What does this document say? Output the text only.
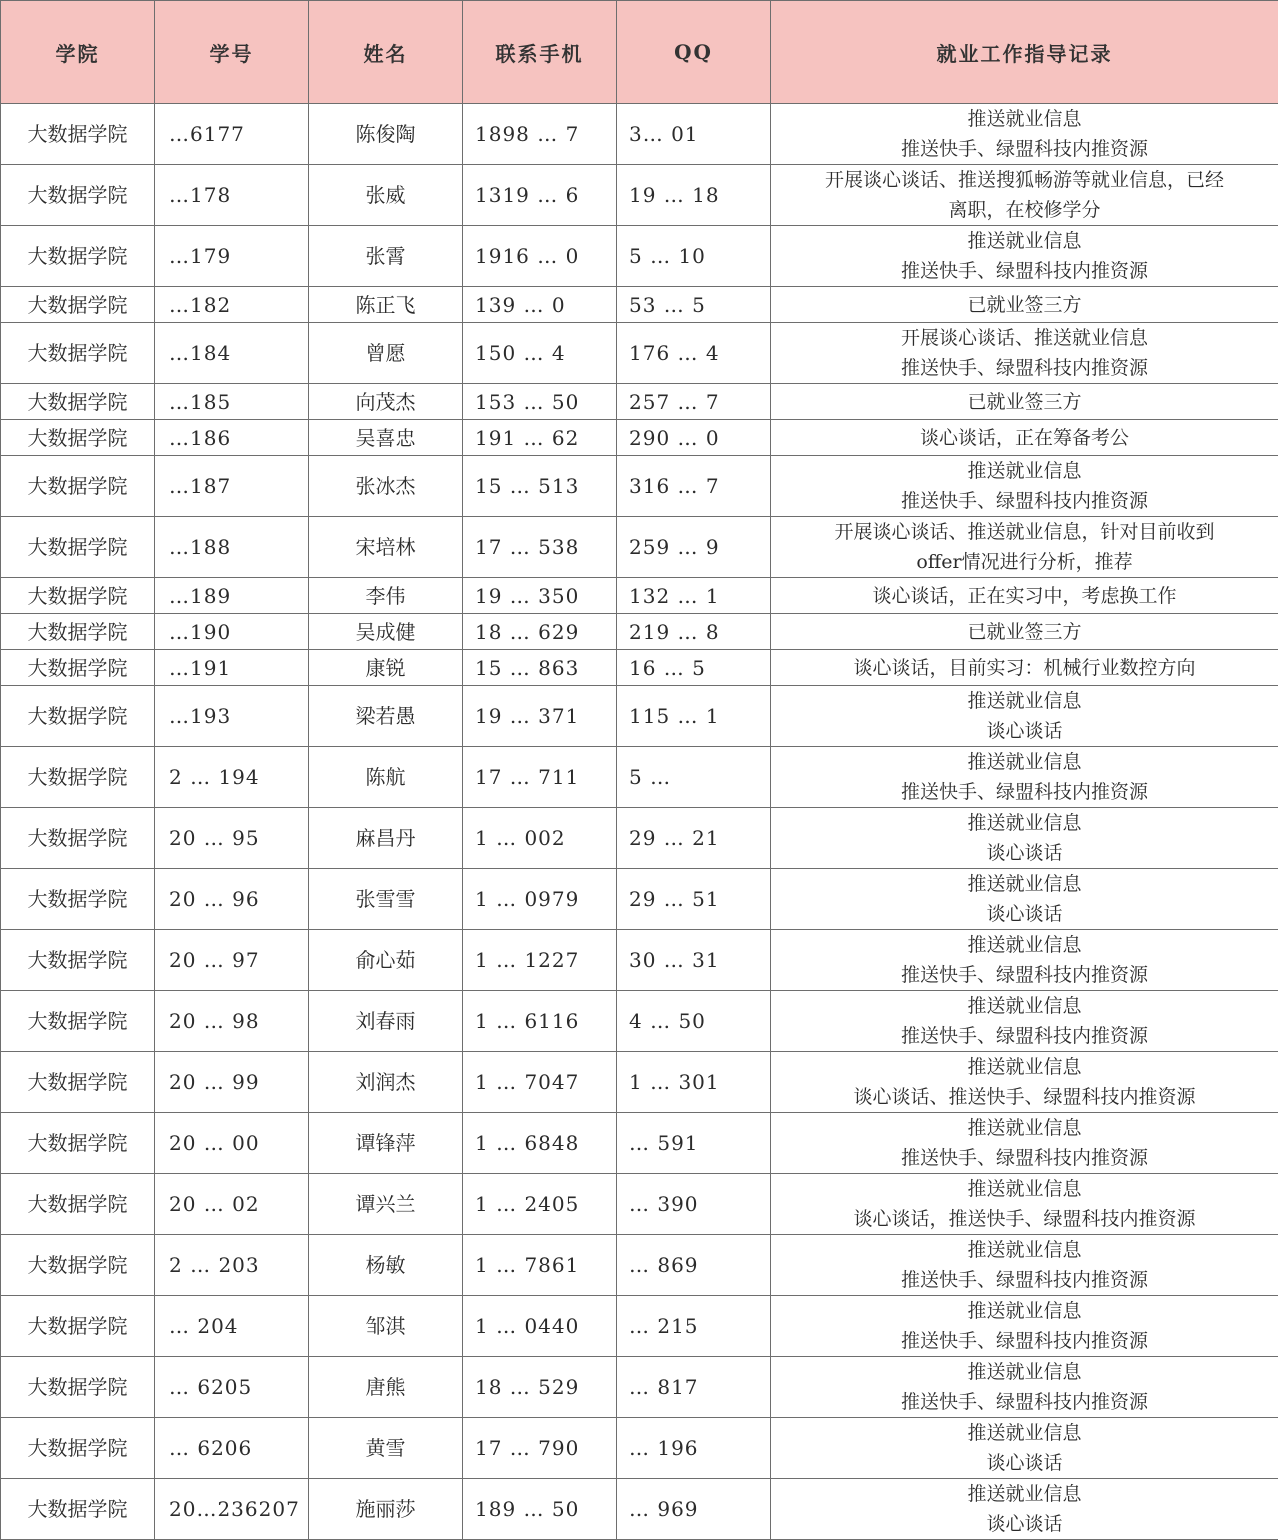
学院	学号	姓名	联系手机	QQ	就业工作指导记录
大数据学院	…6177	陈俊陶	1898 … 7	3… 01	推送就业信息
推送快手、绿盟科技内推资源

大数据学院	…178	张威	1319 … 6	19 … 18	开展谈心谈话、推送搜狐畅游等就业信息，已经
离职，在校修学分

大数据学院	…179	张霄	1916 … 0	5 … 10	推送就业信息
推送快手、绿盟科技内推资源

大数据学院	…182	陈正飞	139 … 0	53 … 5	已就业签三方

大数据学院	…184	曾愿	150 … 4	176 … 4	开展谈心谈话、推送就业信息
推送快手、绿盟科技内推资源

大数据学院	…185	向茂杰	153 … 50	257 … 7	已就业签三方

大数据学院	…186	吴喜忠	191 … 62	290 … 0	谈心谈话，正在筹备考公

大数据学院	…187	张冰杰	15 … 513	316 … 7	推送就业信息
推送快手、绿盟科技内推资源

大数据学院	…188	宋培林	17 … 538	259 … 9	开展谈心谈话、推送就业信息，针对目前收到
offer情况进行分析，推荐

大数据学院	…189	李伟	19 … 350	132 … 1	谈心谈话，正在实习中，考虑换工作

大数据学院	…190	吴成健	18 … 629	219 … 8	已就业签三方

大数据学院	…191	康锐	15 … 863	16 … 5	谈心谈话，目前实习：机械行业数控方向

大数据学院	…193	梁若愚	19 … 371	115 … 1	推送就业信息
谈心谈话

大数据学院	2 … 194	陈航	17 … 711	5 …	推送就业信息
推送快手、绿盟科技内推资源

大数据学院	20 … 95	麻昌丹	1 … 002	29 … 21	推送就业信息
谈心谈话

大数据学院	20 … 96	张雪雪	1 … 0979	29 … 51	推送就业信息
谈心谈话

大数据学院	20 … 97	俞心茹	1 … 1227	30 … 31	推送就业信息
推送快手、绿盟科技内推资源

大数据学院	20 … 98	刘春雨	1 … 6116	4 … 50	推送就业信息
推送快手、绿盟科技内推资源

大数据学院	20 … 99	刘润杰	1 … 7047	1 … 301	推送就业信息
谈心谈话、推送快手、绿盟科技内推资源

大数据学院	20 … 00	谭锋萍	1 … 6848	… 591	推送就业信息
推送快手、绿盟科技内推资源

大数据学院	20 … 02	谭兴兰	1 … 2405	… 390	推送就业信息
谈心谈话，推送快手、绿盟科技内推资源

大数据学院	2 … 203	杨敏	1 … 7861	… 869	推送就业信息
推送快手、绿盟科技内推资源

大数据学院	… 204	邹淇	1 … 0440	… 215	推送就业信息
推送快手、绿盟科技内推资源

大数据学院	… 6205	唐熊	18 … 529	… 817	推送就业信息
推送快手、绿盟科技内推资源

大数据学院	… 6206	黄雪	17 … 790	… 196	推送就业信息
谈心谈话

大数据学院	20…236207	施丽莎	189 … 50	… 969	推送就业信息
谈心谈话
